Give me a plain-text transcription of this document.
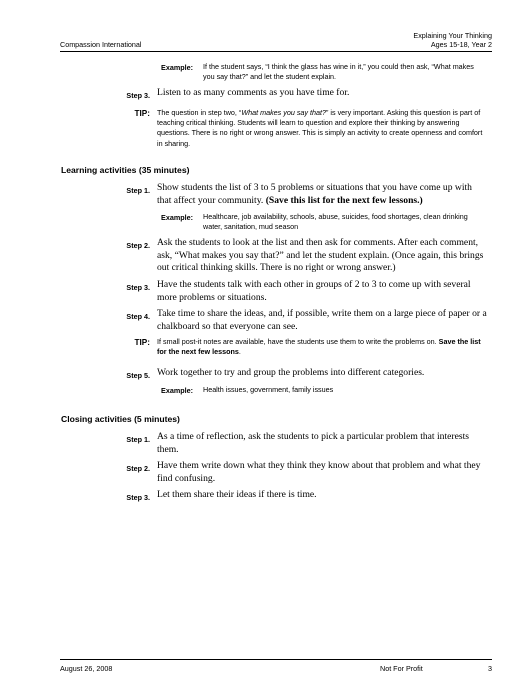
Compassion International
Explaining Your Thinking
Ages 15-18, Year 2
Example: If the student says, “I think the glass has wine in it,” you could then ask, “What makes you say that?” and let the student explain.
Step 3. Listen to as many comments as you have time for.
TIP: The question in step two, “What makes you say that?” is very important. Asking this question is part of teaching critical thinking. Students will learn to question and explore their thinking by answering questions. There is no right or wrong answer. This is simply an activity to create openness and comfort in sharing.
Learning activities (35 minutes)
Step 1. Show students the list of 3 to 5 problems or situations that you have come up with that affect your community. (Save this list for the next few lessons.)
Example: Healthcare, job availability, schools, abuse, suicides, food shortages, clean drinking water, sanitation, mud season
Step 2. Ask the students to look at the list and then ask for comments. After each comment, ask, “What makes you say that?” and let the student explain. (Once again, this brings out critical thinking skills. There is no right or wrong answer.)
Step 3. Have the students talk with each other in groups of 2 to 3 to come up with several more problems or situations.
Step 4. Take time to share the ideas, and, if possible, write them on a large piece of paper or a chalkboard so that everyone can see.
TIP: If small post-it notes are available, have the students use them to write the problems on. Save the list for the next few lessons.
Step 5. Work together to try and group the problems into different categories.
Example: Health issues, government, family issues
Closing activities (5 minutes)
Step 1. As a time of reflection, ask the students to pick a particular problem that interests them.
Step 2. Have them write down what they think they know about that problem and what they find confusing.
Step 3. Let them share their ideas if there is time.
August 26, 2008	Not For Profit	3
